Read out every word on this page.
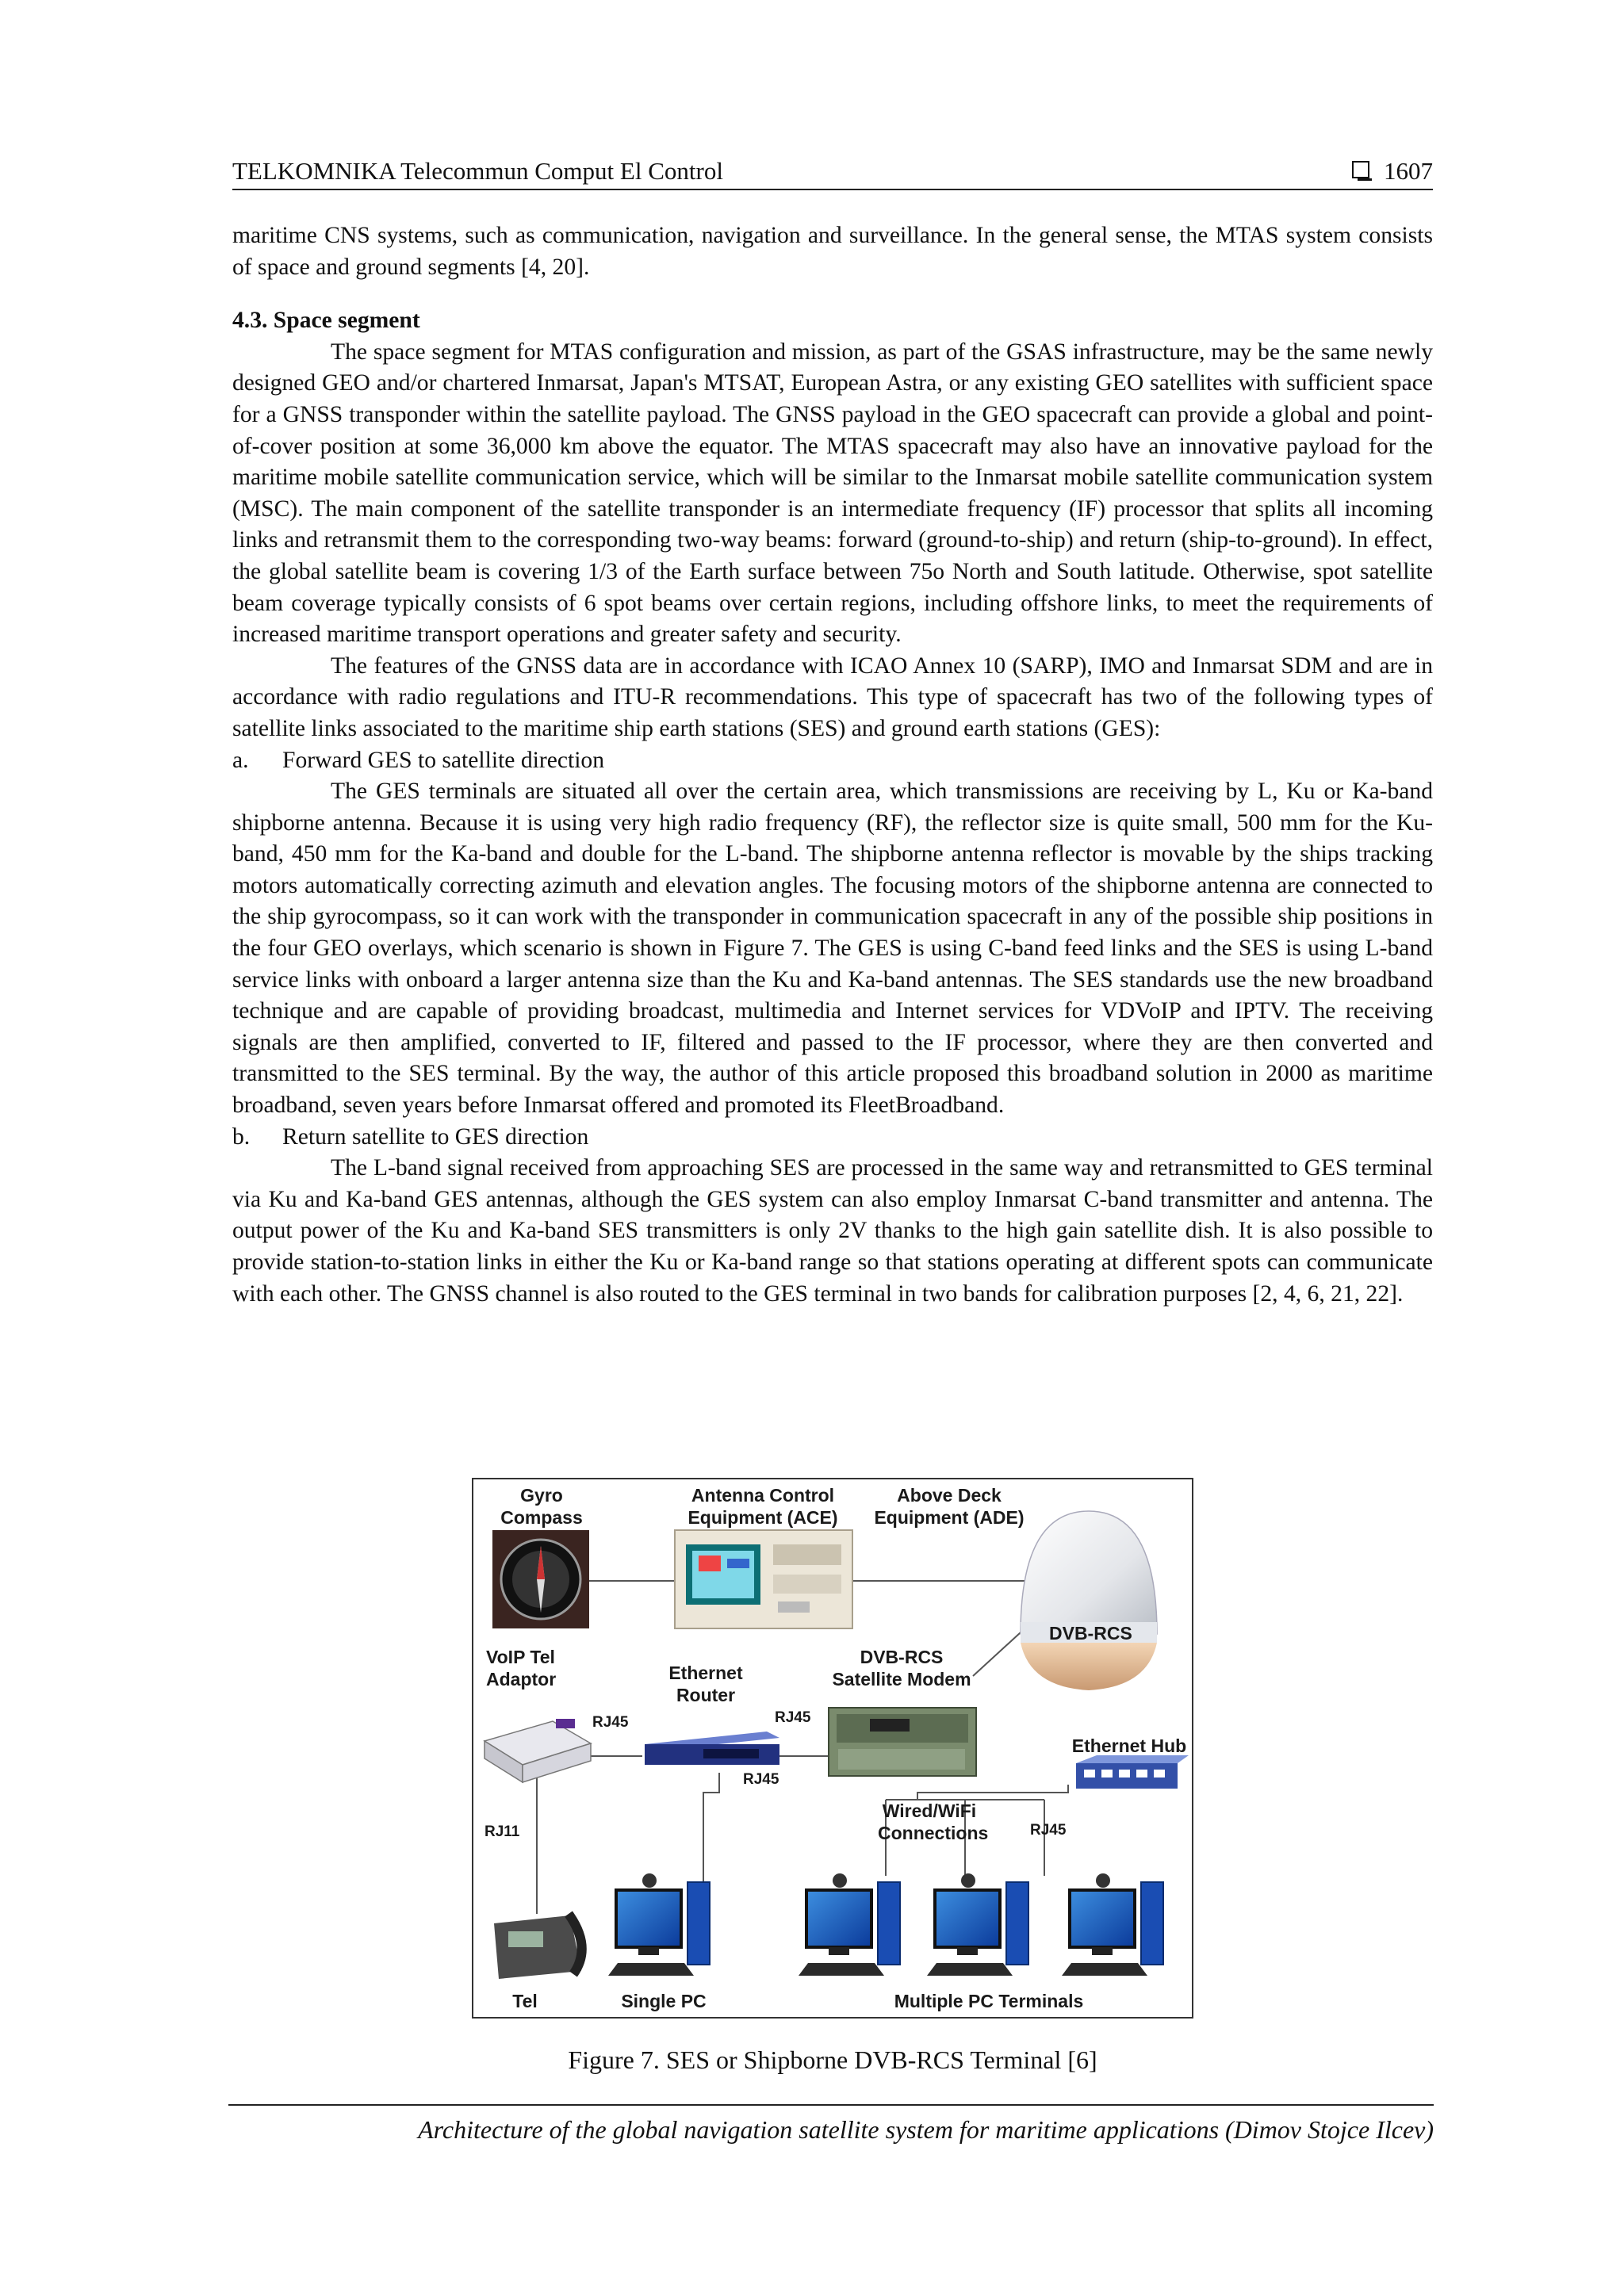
TELKOMNIKA Telecommun Comput El Control	1607

maritime CNS systems, such as communication, navigation and surveillance. In the general sense, the MTAS system consists of space and ground segments [4, 20].

4.3. Space segment

The space segment for MTAS configuration and mission, as part of the GSAS infrastructure, may be the same newly designed GEO and/or chartered Inmarsat, Japan's MTSAT, European Astra, or any existing GEO satellites with sufficient space for a GNSS transponder within the satellite payload. The GNSS payload in the GEO spacecraft can provide a global and point-of-cover position at some 36,000 km above the equator. The MTAS spacecraft may also have an innovative payload for the maritime mobile satellite communication service, which will be similar to the Inmarsat mobile satellite communication system (MSC). The main component of the satellite transponder is an intermediate frequency (IF) processor that splits all incoming links and retransmit them to the corresponding two-way beams: forward (ground-to-ship) and return (ship-to-ground). In effect, the global satellite beam is covering 1/3 of the Earth surface between 75o North and South latitude. Otherwise, spot satellite beam coverage typically consists of 6 spot beams over certain regions, including offshore links, to meet the requirements of increased maritime transport operations and greater safety and security.

The features of the GNSS data are in accordance with ICAO Annex 10 (SARP), IMO and Inmarsat SDM and are in accordance with radio regulations and ITU-R recommendations. This type of spacecraft has two of the following types of satellite links associated to the maritime ship earth stations (SES) and ground earth stations (GES):

a.	Forward GES to satellite direction

The GES terminals are situated all over the certain area, which transmissions are receiving by L, Ku or Ka-band shipborne antenna. Because it is using very high radio frequency (RF), the reflector size is quite small, 500 mm for the Ku-band, 450 mm for the Ka-band and double for the L-band. The shipborne antenna reflector is movable by the ships tracking motors automatically correcting azimuth and elevation angles. The focusing motors of the shipborne antenna are connected to the ship gyrocompass, so it can work with the transponder in communication spacecraft in any of the possible ship positions in the four GEO overlays, which scenario is shown in Figure 7. The GES is using C-band feed links and the SES is using L-band service links with onboard a larger antenna size than the Ku and Ka-band antennas. The SES standards use the new broadband technique and are capable of providing broadcast, multimedia and Internet services for VDVoIP and IPTV. The receiving signals are then amplified, converted to IF, filtered and passed to the IF processor, where they are then converted and transmitted to the SES terminal. By the way, the author of this article proposed this broadband solution in 2000 as maritime broadband, seven years before Inmarsat offered and promoted its FleetBroadband.

b.	Return satellite to GES direction

The L-band signal received from approaching SES are processed in the same way and retransmitted to GES terminal via Ku and Ka-band GES antennas, although the GES system can also employ Inmarsat C-band transmitter and antenna. The output power of the Ku and Ka-band SES transmitters is only 2V thanks to the high gain satellite dish. It is also possible to provide station-to-station links in either the Ku or Ka-band range so that stations operating at different spots can communicate with each other. The GNSS channel is also routed to the GES terminal in two bands for calibration purposes [2, 4, 6, 21, 22].

Gyro
Compass
Antenna Control
Equipment (ACE)
Above Deck
Equipment (ADE)
DVB-RCS
VoIP Tel
Adaptor	Ethernet
Router
DVB-RCS
Satellite Modem
Ethernet Hub
Wired/WiFi
Connections
RJ45	RJ45
RJ45
RJ45
RJ11
Tel	Single PC	Multiple PC Terminals
Figure 7. SES or Shipborne DVB-RCS Terminal [6]
Architecture of the global navigation satellite system for maritime applications (Dimov Stojce Ilcev)
